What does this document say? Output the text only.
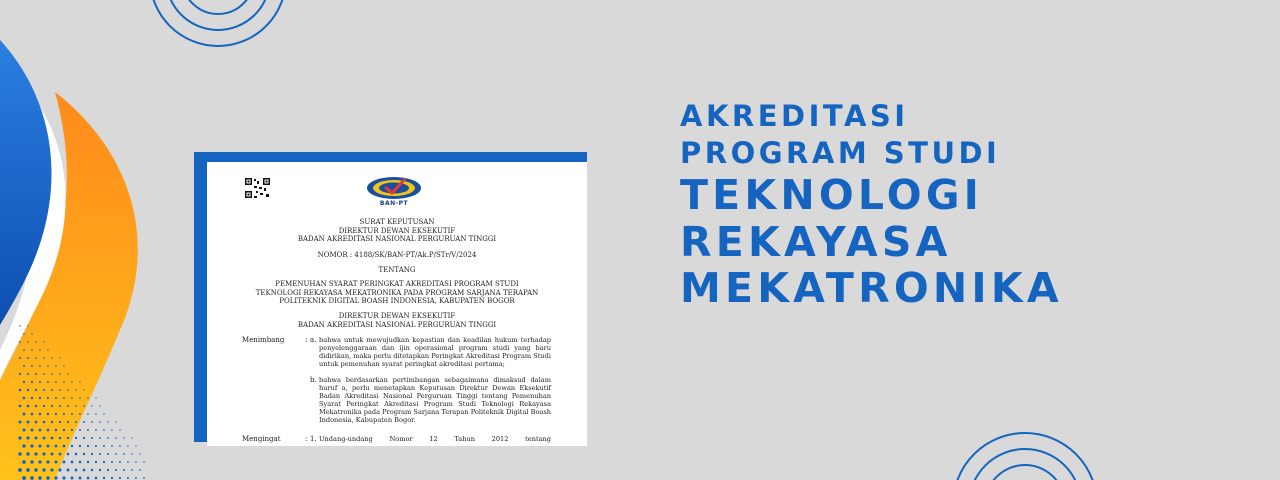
BAN-PT
SURAT KEPUTUSAN
DIREKTUR DEWAN EKSEKUTIF
BADAN AKREDITASI NASIONAL PERGURUAN TINGGI
NOMOR : 4188/SK/BAN-PT/Ak.P/STr/V/2024
TENTANG
PEMENUHAN SYARAT PERINGKAT AKREDITASI PROGRAM STUDI
TEKNOLOGI REKAYASA MEKATRONIKA PADA PROGRAM SARJANA TERAPAN
POLITEKNIK DIGITAL BOASH INDONESIA, KABUPATEN BOGOR
DIREKTUR DEWAN EKSEKUTIF
BADAN AKREDITASI NASIONAL PERGURUAN TINGGI
Menimbang	: a. bahwa untuk mewujudkan kepastian dan keadilan hukum terhadap penyelenggaraan dan ijin operasional program studi yang baru didirikan, maka perlu ditetapkan Peringkat Akreditasi Program Studi untuk pemenuhan syarat peringkat akreditasi pertama;
b. bahwa berdasarkan pertimbangan sebagaimana dimaksud dalam huruf a, perlu menetapkan Keputusan Direktur Dewan Eksekutif Badan Akreditasi Nasional Perguruan Tinggi tentang Pemenuhan Syarat Peringkat Akreditasi Program Studi Teknologi Rekayasa Mekatronika pada Program Sarjana Terapan Politeknik Digital Boash Indonesia, Kabupaten Bogor.
Mengingat	: 1. Undang-undang Nomor 12 Tahun 2012 tentang
AKREDITASI
PROGRAM STUDI
TEKNOLOGI
REKAYASA
MEKATRONIKA
